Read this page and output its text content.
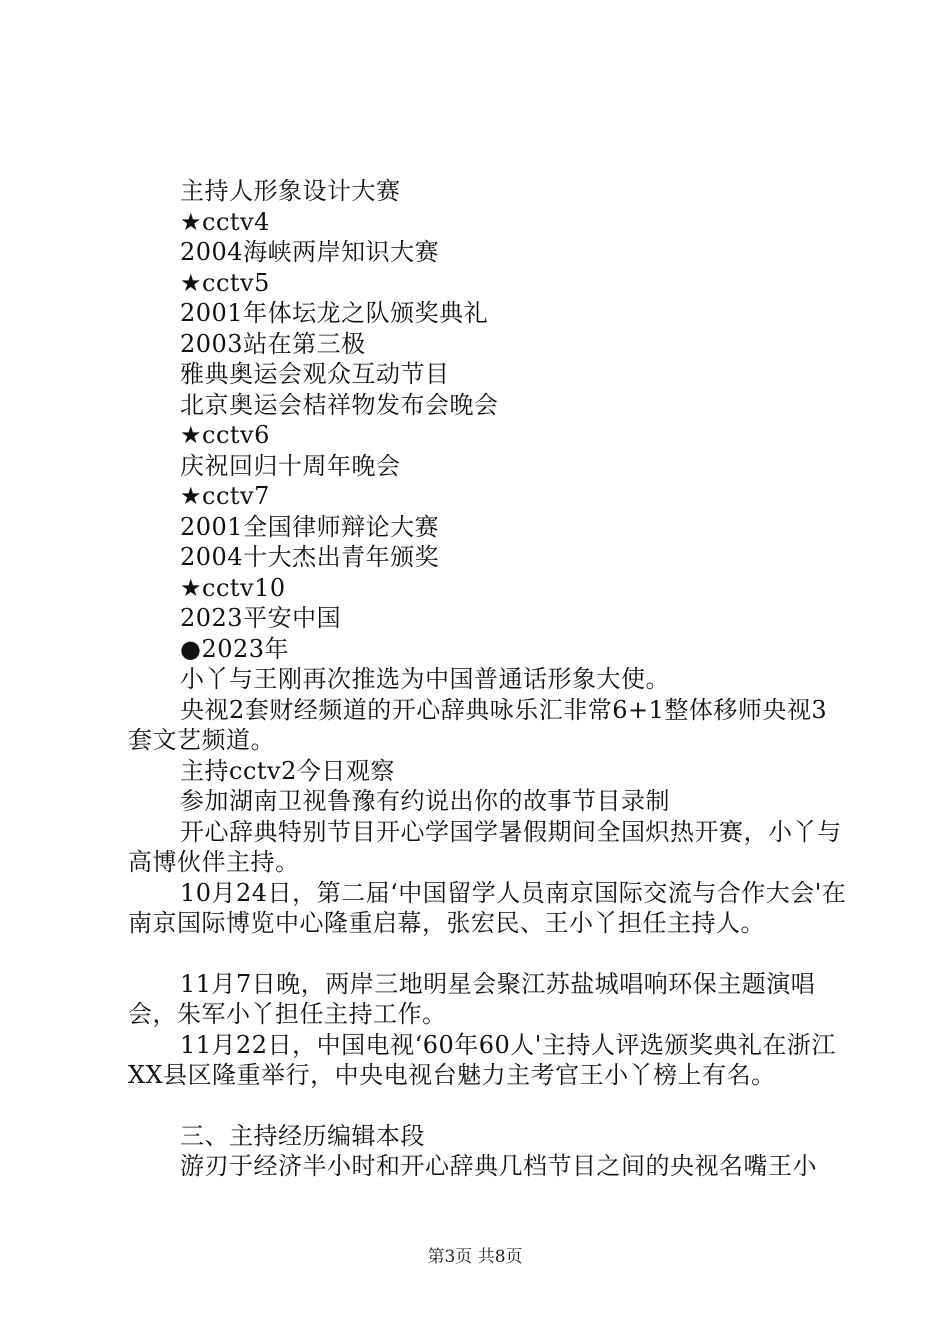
主持人形象设计大赛
★cctv4
2004海峡两岸知识大赛
★cctv5
2001年体坛龙之队颁奖典礼
2003站在第三极
雅典奥运会观众互动节目
北京奥运会桔祥物发布会晚会
★cctv6
庆祝回归十周年晚会
★cctv7
2001全国律师辩论大赛
2004十大杰出青年颁奖
★cctv10
2023平安中国
●2023年
小丫与王刚再次推选为中国普通话形象大使。
央视2套财经频道的开心辞典咏乐汇非常6+1整体移师央视3套文艺频道。
主持cctv2今日观察
参加湖南卫视鲁豫有约说出你的故事节目录制
开心辞典特别节目开心学国学暑假期间全国炽热开赛，小丫与高博伙伴主持。
10月24日，第二届‘中国留学人员南京国际交流与合作大会'在南京国际博览中心隆重启幕，张宏民、王小丫担任主持人。
11月7日晚，两岸三地明星会聚江苏盐城唱响环保主题演唱会，朱军小丫担任主持工作。
11月22日，中国电视‘60年60人'主持人评选颁奖典礼在浙江XX县区隆重举行，中央电视台魅力主考官王小丫榜上有名。
三、主持经历编辑本段
游刃于经济半小时和开心辞典几档节目之间的央视名嘴王小
第3页 共8页
